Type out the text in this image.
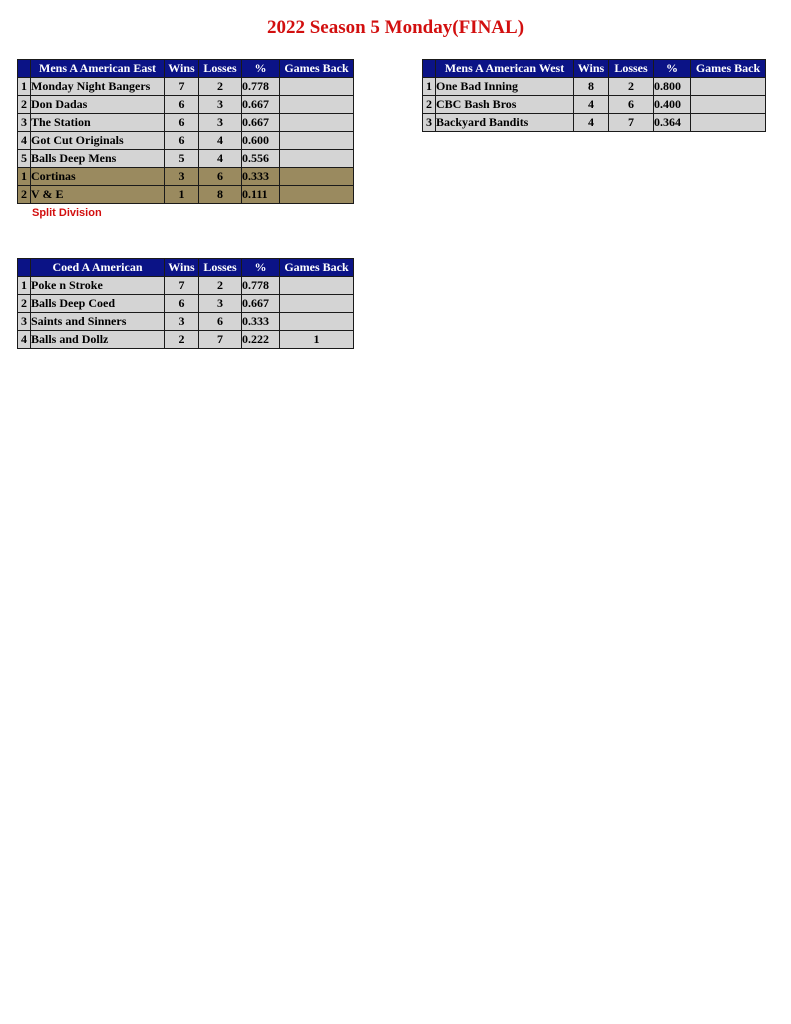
2022 Season 5 Monday(FINAL)
	Mens A American East	Wins	Losses	%	Games Back
1	Monday Night Bangers	7	2	0.778	
2	Don Dadas	6	3	0.667	
3	The Station	6	3	0.667	
4	Got Cut Originals	6	4	0.600	
5	Balls Deep Mens	5	4	0.556	
1	Cortinas	3	6	0.333	
2	V & E	1	8	0.111	
Split Division
	Mens A American West	Wins	Losses	%	Games Back
1	One Bad Inning	8	2	0.800	
2	CBC Bash Bros	4	6	0.400	
3	Backyard Bandits	4	7	0.364	
	Coed A American	Wins	Losses	%	Games Back
1	Poke n Stroke	7	2	0.778	
2	Balls Deep Coed	6	3	0.667	
3	Saints and Sinners	3	6	0.333	
4	Balls and Dollz	2	7	0.222	1
